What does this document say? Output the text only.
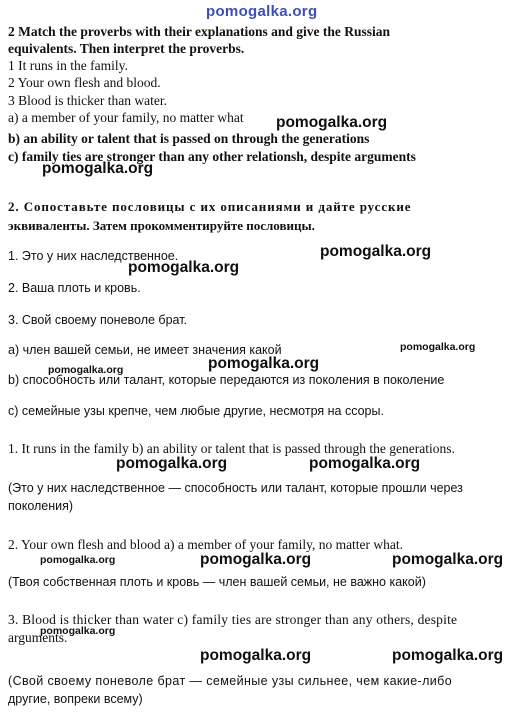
pomogalka.org
2 Match the proverbs with their explanations and give the Russian
equivalents. Then interpret the proverbs.
1 It runs in the family.
2 Your own flesh and blood.
3 Blood is thicker than water.
a) a member of your family, no matter what
b) an ability or talent that is passed on through the generations
c) family ties are stronger than any other relationsh, despite arguments
2. Сопоставьте пословицы с их описаниями и дайте русские
эквиваленты. Затем прокомментируйте пословицы.
1. Это у них наследственное.
2. Ваша плоть и кровь.
3. Свой своему поневоле брат.
а) член вашей семьи, не имеет значения какой
b) способность или талант, которые передаются из поколения в поколение
с) семейные узы крепче, чем любые другие, несмотря на ссоры.
1. It runs in the family b) an ability or talent that is passed through the generations.
(Это у них наследственное — способность или талант, которые прошли через
поколения)
2. Your own flesh and blood a) a member of your family, no matter what.
(Твоя собственная плоть и кровь — член вашей семьи, не важно какой)
3. Blood is thicker than water c) family ties are stronger than any others, despite
arguments.
(Свой своему поневоле брат — семейные узы сильнее, чем какие-либо
другие, вопреки всему)
pomogalka.org
pomogalka.org
pomogalka.org
pomogalka.org
pomogalka.org
pomogalka.org
pomogalka.org
pomogalka.org	pomogalka.org
pomogalka.org	pomogalka.org	pomogalka.org
pomogalka.org
pomogalka.org	pomogalka.org
